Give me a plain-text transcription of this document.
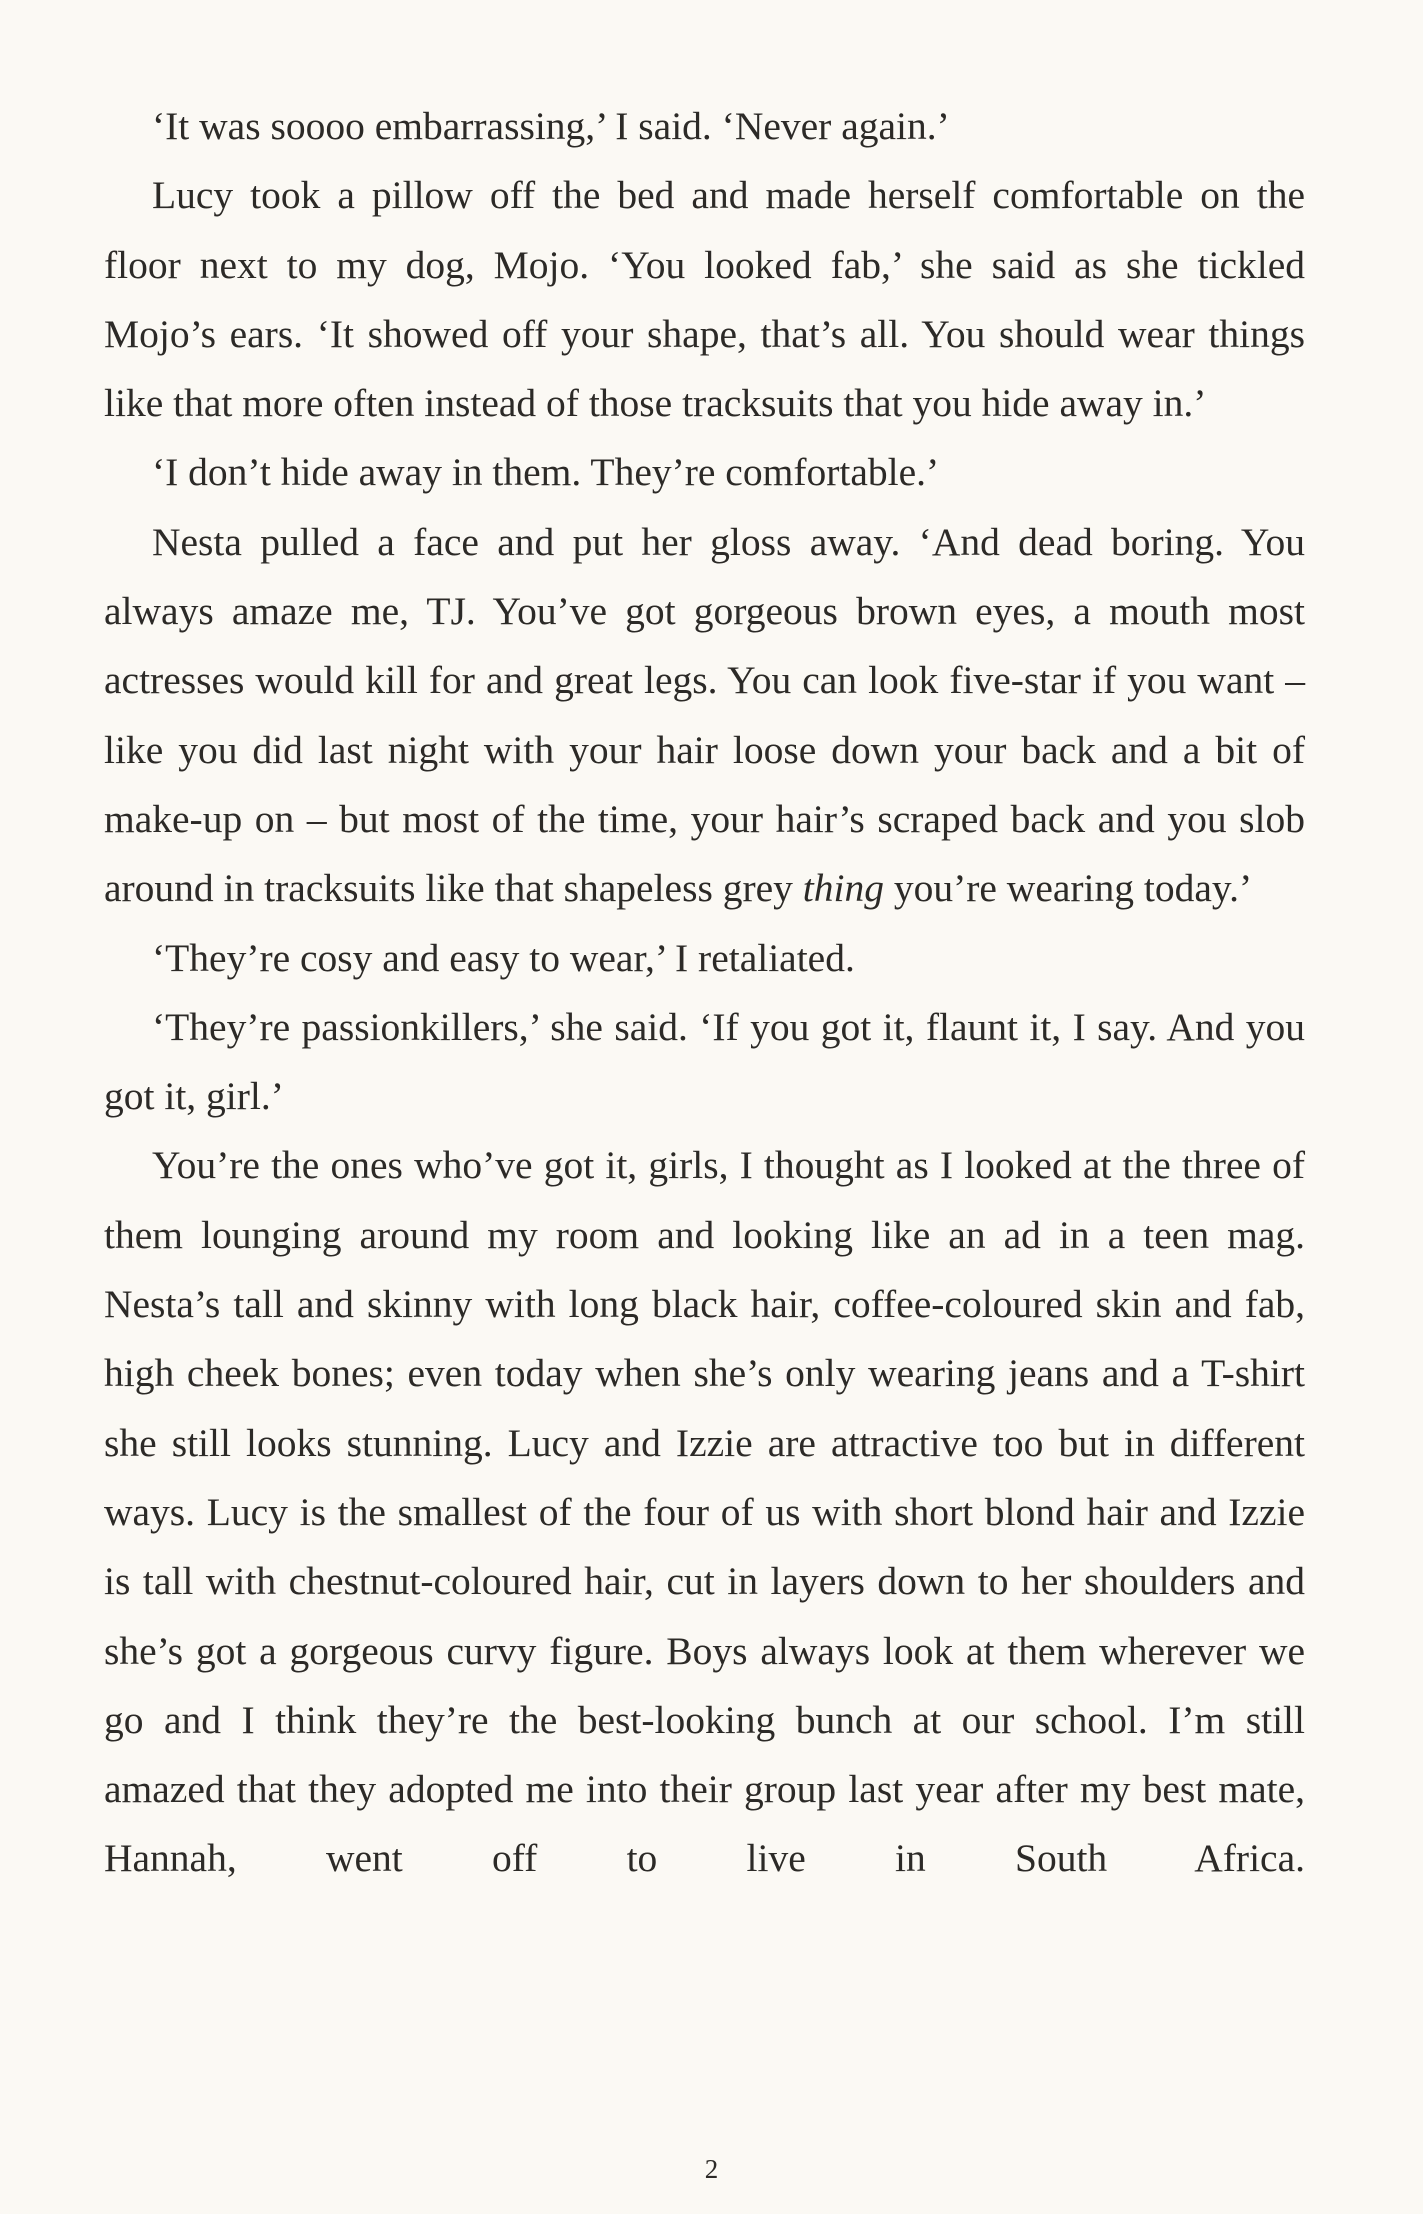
‘It was soooo embarrassing,’ I said. ‘Never again.’

Lucy took a pillow off the bed and made herself comfortable on the floor next to my dog, Mojo. ‘You looked fab,’ she said as she tickled Mojo’s ears. ‘It showed off your shape, that’s all. You should wear things like that more often instead of those tracksuits that you hide away in.’

‘I don’t hide away in them. They’re comfortable.’

Nesta pulled a face and put her gloss away. ‘And dead boring. You always amaze me, TJ. You’ve got gorgeous brown eyes, a mouth most actresses would kill for and great legs. You can look five-star if you want – like you did last night with your hair loose down your back and a bit of make-up on – but most of the time, your hair’s scraped back and you slob around in tracksuits like that shapeless grey thing you’re wearing today.’

‘They’re cosy and easy to wear,’ I retaliated.

‘They’re passionkillers,’ she said. ‘If you got it, flaunt it, I say. And you got it, girl.’

You’re the ones who’ve got it, girls, I thought as I looked at the three of them lounging around my room and looking like an ad in a teen mag. Nesta’s tall and skinny with long black hair, coffee-coloured skin and fab, high cheek bones; even today when she’s only wearing jeans and a T-shirt she still looks stunning. Lucy and Izzie are attractive too but in different ways. Lucy is the smallest of the four of us with short blond hair and Izzie is tall with chestnut-coloured hair, cut in layers down to her shoulders and she’s got a gorgeous curvy figure. Boys always look at them wherever we go and I think they’re the best-looking bunch at our school. I’m still amazed that they adopted me into their group last year after my best mate, Hannah, went off to live in South Africa.

2
